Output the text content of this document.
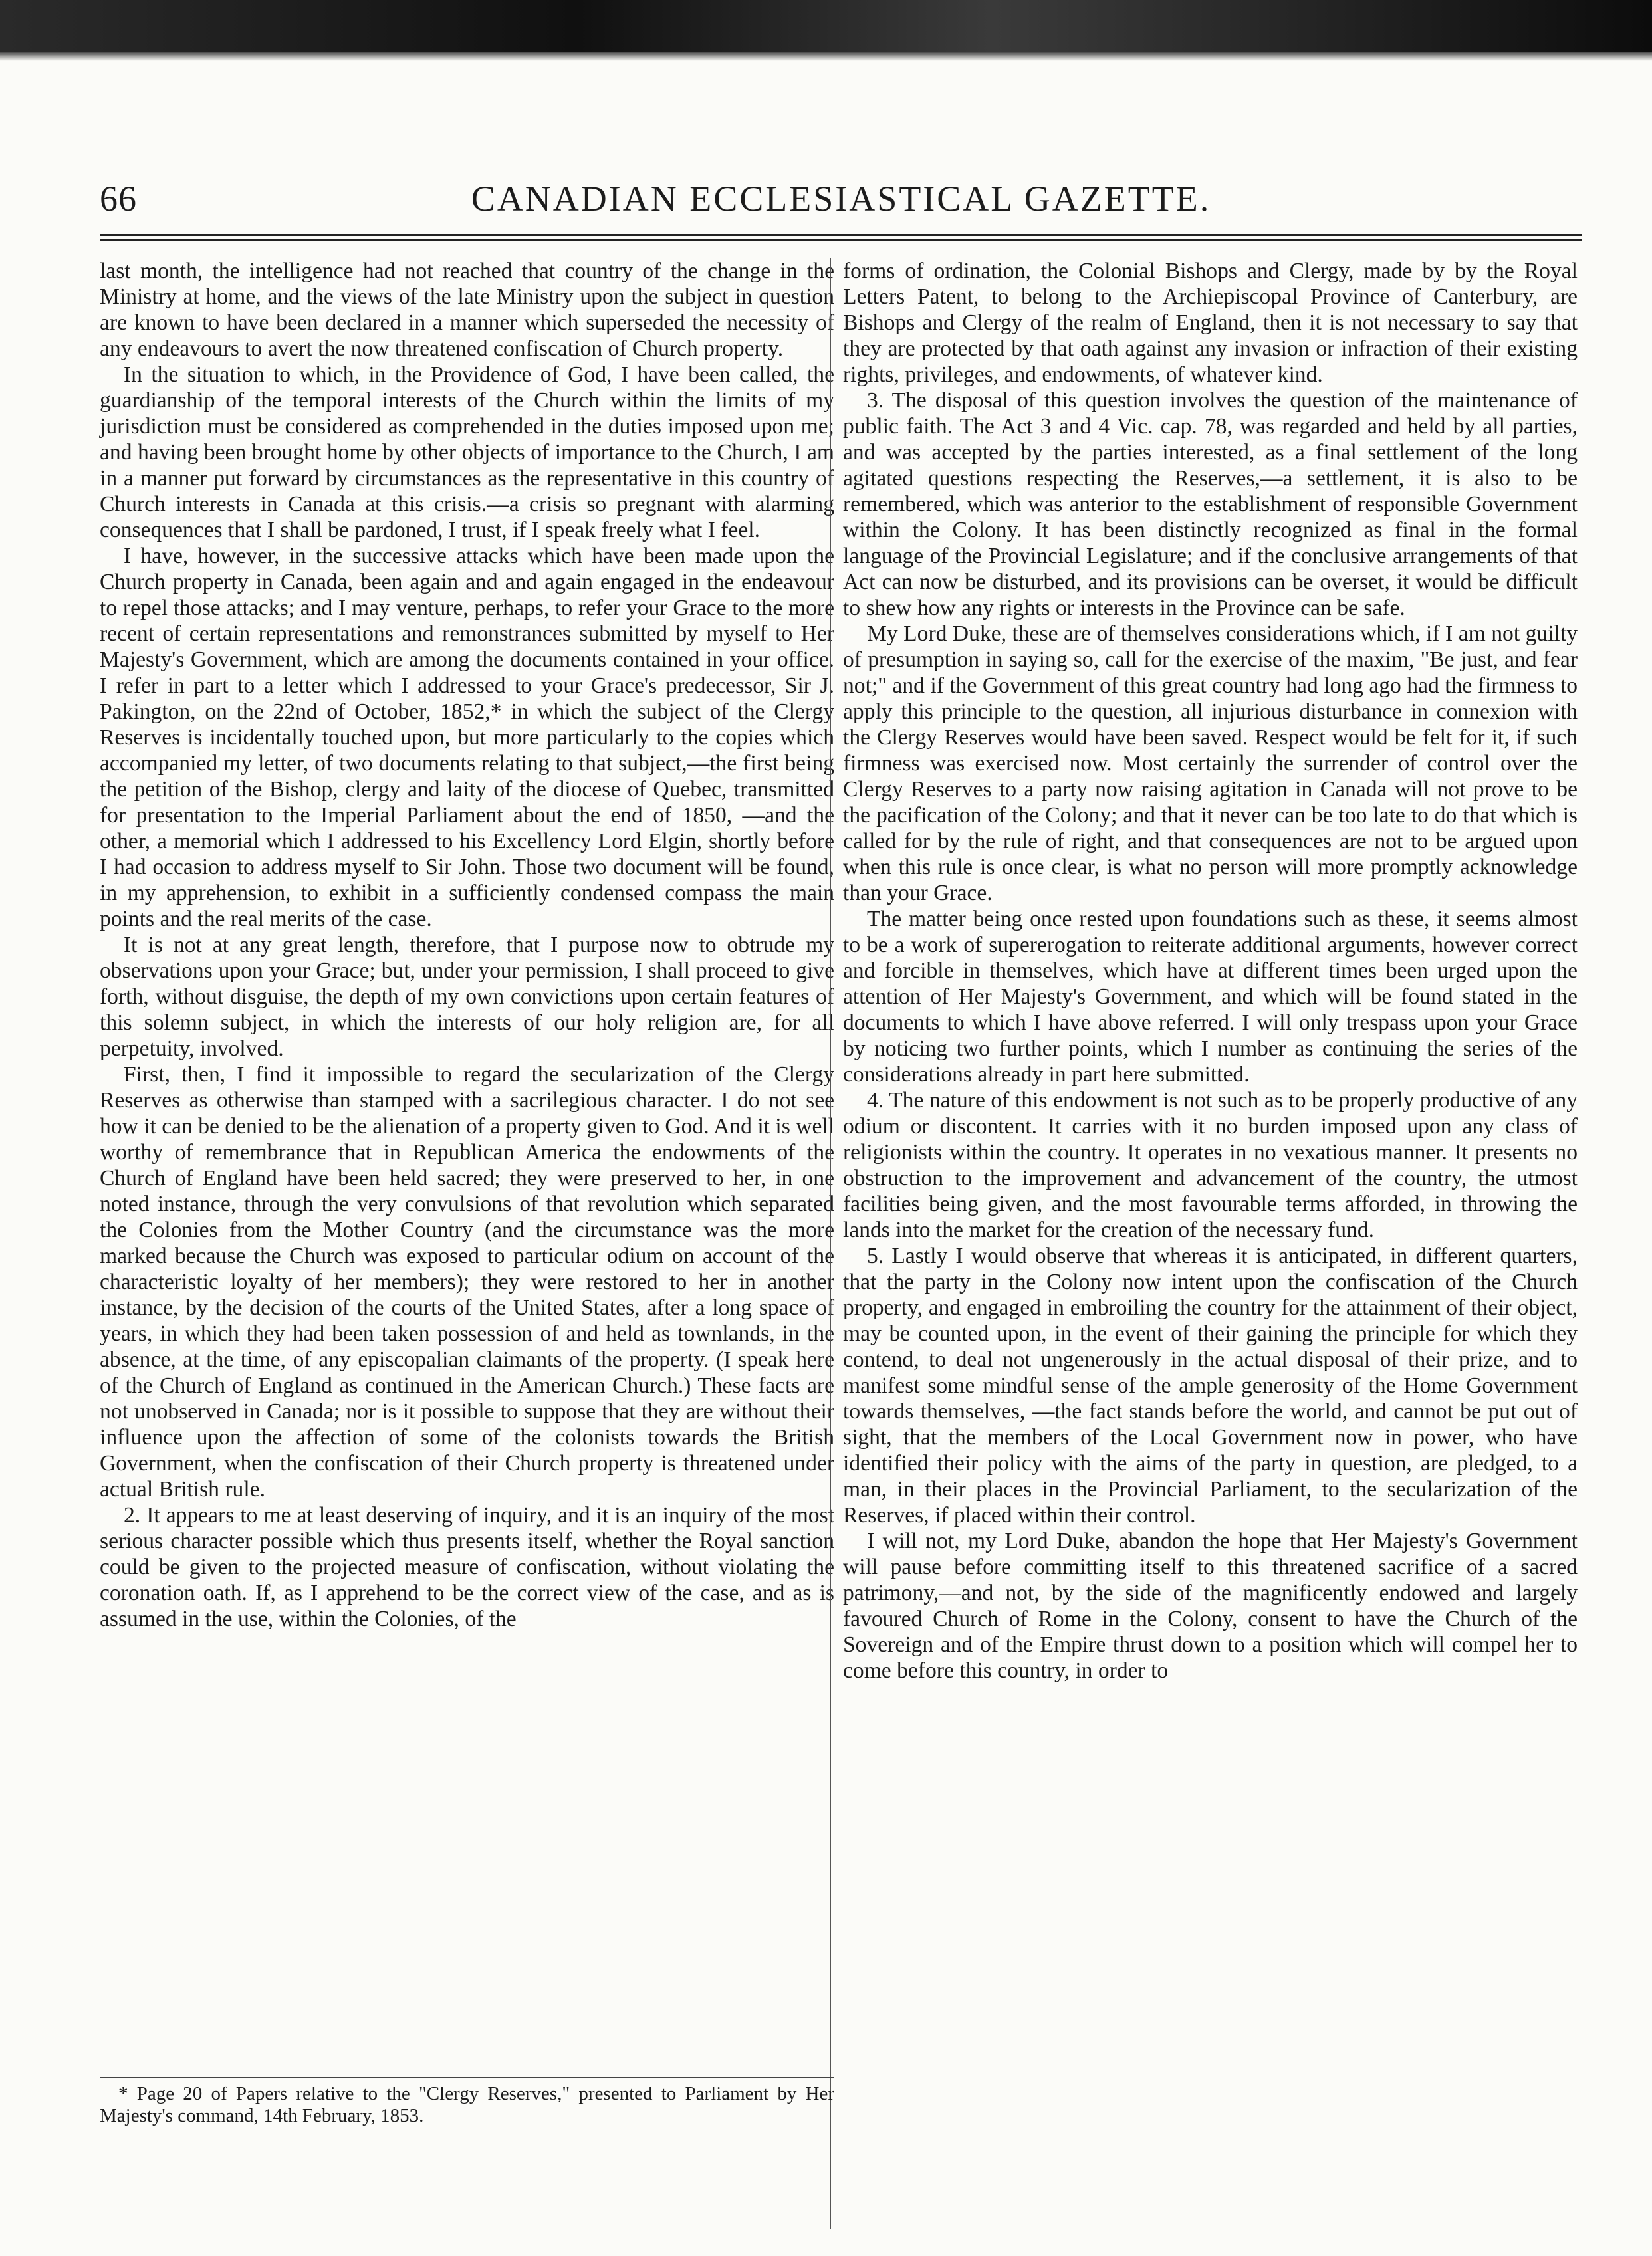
66	CANADIAN ECCLESIASTICAL GAZETTE.

last month, the intelligence had not reached that country of the change in the Ministry at home, and the views of the late Ministry upon the subject in question are known to have been declared in a manner which superseded the necessity of any endeavours to avert the now threatened confiscation of Church property.

In the situation to which, in the Providence of God, I have been called, the guardianship of the temporal interests of the Church within the limits of my jurisdiction must be considered as comprehended in the duties imposed upon me; and having been brought home by other objects of importance to the Church, I am in a manner put forward by circumstances as the representative in this country of Church interests in Canada at this crisis.—a crisis so pregnant with alarming consequences that I shall be pardoned, I trust, if I speak freely what I feel.

I have, however, in the successive attacks which have been made upon the Church property in Canada, been again and and again engaged in the endeavour to repel those attacks; and I may venture, perhaps, to refer your Grace to the more recent of certain representations and remonstrances submitted by myself to Her Majesty's Government, which are among the documents contained in your office. I refer in part to a letter which I addressed to your Grace's predecessor, Sir J. Pakington, on the 22nd of October, 1852,* in which the subject of the Clergy Reserves is incidentally touched upon, but more particularly to the copies which accompanied my letter, of two documents relating to that subject,—the first being the petition of the Bishop, clergy and laity of the diocese of Quebec, transmitted for presentation to the Imperial Parliament about the end of 1850, —and the other, a memorial which I addressed to his Excellency Lord Elgin, shortly before I had occasion to address myself to Sir John. Those two document will be found, in my apprehension, to exhibit in a sufficiently condensed compass the main points and the real merits of the case.

It is not at any great length, therefore, that I purpose now to obtrude my observations upon your Grace; but, under your permission, I shall proceed to give forth, without disguise, the depth of my own convictions upon certain features of this solemn subject, in which the interests of our holy religion are, for all perpetuity, involved.

First, then, I find it impossible to regard the secularization of the Clergy Reserves as otherwise than stamped with a sacrilegious character. I do not see how it can be denied to be the alienation of a property given to God. And it is well worthy of remembrance that in Republican America the endowments of the Church of England have been held sacred; they were preserved to her, in one noted instance, through the very convulsions of that revolution which separated the Colonies from the Mother Country (and the circumstance was the more marked because the Church was exposed to particular odium on account of the characteristic loyalty of her members); they were restored to her in another instance, by the decision of the courts of the United States, after a long space of years, in which they had been taken possession of and held as townlands, in the absence, at the time, of any episcopalian claimants of the property. (I speak here of the Church of England as continued in the American Church.) These facts are not unobserved in Canada; nor is it possible to suppose that they are without their influence upon the affection of some of the colonists towards the British Government, when the confiscation of their Church property is threatened under actual British rule.

2. It appears to me at least deserving of inquiry, and it is an inquiry of the most serious character possible which thus presents itself, whether the Royal sanction could be given to the projected measure of confiscation, without violating the coronation oath. If, as I apprehend to be the correct view of the case, and as is assumed in the use, within the Colonies, of the

* Page 20 of Papers relative to the "Clergy Reserves," presented to Parliament by Her Majesty's command, 14th February, 1853.

forms of ordination, the Colonial Bishops and Clergy, made by by the Royal Letters Patent, to belong to the Archiepiscopal Province of Canterbury, are Bishops and Clergy of the realm of England, then it is not necessary to say that they are protected by that oath against any invasion or infraction of their existing rights, privileges, and endowments, of whatever kind.

3. The disposal of this question involves the question of the maintenance of public faith. The Act 3 and 4 Vic. cap. 78, was regarded and held by all parties, and was accepted by the parties interested, as a final settlement of the long agitated questions respecting the Reserves,—a settlement, it is also to be remembered, which was anterior to the establishment of responsible Government within the Colony. It has been distinctly recognized as final in the formal language of the Provincial Legislature; and if the conclusive arrangements of that Act can now be disturbed, and its provisions can be overset, it would be difficult to shew how any rights or interests in the Province can be safe.

My Lord Duke, these are of themselves considerations which, if I am not guilty of presumption in saying so, call for the exercise of the maxim, "Be just, and fear not;" and if the Government of this great country had long ago had the firmness to apply this principle to the question, all injurious disturbance in connexion with the Clergy Reserves would have been saved. Respect would be felt for it, if such firmness was exercised now. Most certainly the surrender of control over the Clergy Reserves to a party now raising agitation in Canada will not prove to be the pacification of the Colony; and that it never can be too late to do that which is called for by the rule of right, and that consequences are not to be argued upon when this rule is once clear, is what no person will more promptly acknowledge than your Grace.

The matter being once rested upon foundations such as these, it seems almost to be a work of supererogation to reiterate additional arguments, however correct and forcible in themselves, which have at different times been urged upon the attention of Her Majesty's Government, and which will be found stated in the documents to which I have above referred. I will only trespass upon your Grace by noticing two further points, which I number as continuing the series of the considerations already in part here submitted.

4. The nature of this endowment is not such as to be properly productive of any odium or discontent. It carries with it no burden imposed upon any class of religionists within the country. It operates in no vexatious manner. It presents no obstruction to the improvement and advancement of the country, the utmost facilities being given, and the most favourable terms afforded, in throwing the lands into the market for the creation of the necessary fund.

5. Lastly I would observe that whereas it is anticipated, in different quarters, that the party in the Colony now intent upon the confiscation of the Church property, and engaged in embroiling the country for the attainment of their object, may be counted upon, in the event of their gaining the principle for which they contend, to deal not ungenerously in the actual disposal of their prize, and to manifest some mindful sense of the ample generosity of the Home Government towards themselves, —the fact stands before the world, and cannot be put out of sight, that the members of the Local Government now in power, who have identified their policy with the aims of the party in question, are pledged, to a man, in their places in the Provincial Parliament, to the secularization of the Reserves, if placed within their control.

I will not, my Lord Duke, abandon the hope that Her Majesty's Government will pause before committing itself to this threatened sacrifice of a sacred patrimony,—and not, by the side of the magnificently endowed and largely favoured Church of Rome in the Colony, consent to have the Church of the Sovereign and of the Empire thrust down to a position which will compel her to come before this country, in order to
